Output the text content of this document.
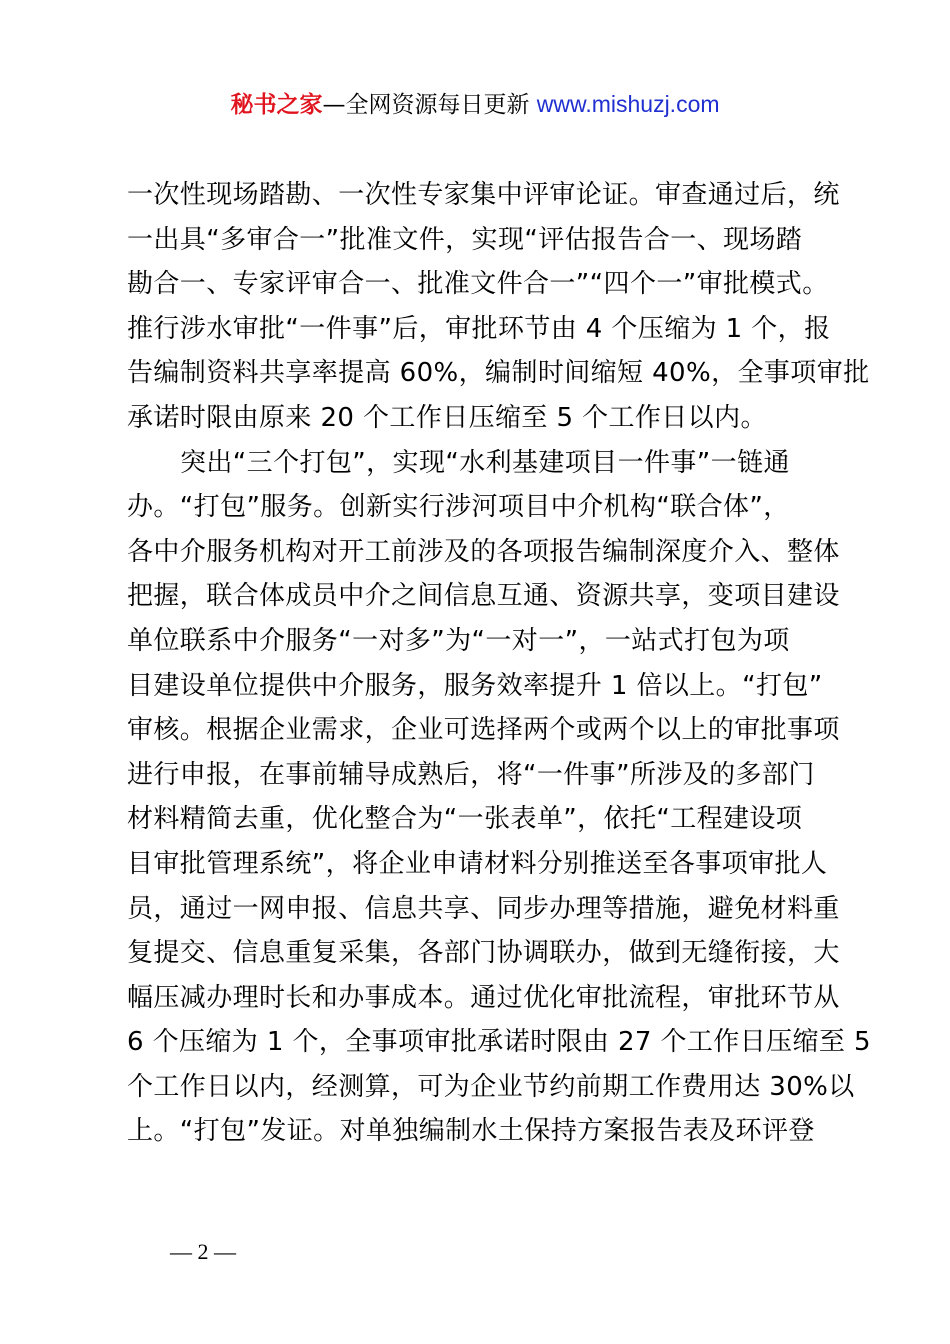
秘书之家—全网资源每日更新 www.mishuzj.com
一次性现场踏勘、一次性专家集中评审论证。审查通过后，统
一出具“多审合一”批准文件，实现“评估报告合一、现场踏
勘合一、专家评审合一、批准文件合一”“四个一”审批模式。
推行涉水审批“一件事”后，审批环节由 4 个压缩为 1 个，报
告编制资料共享率提高 60%，编制时间缩短 40%，全事项审批
承诺时限由原来 20 个工作日压缩至 5 个工作日以内。
突出“三个打包”，实现“水利基建项目一件事”一链通
办。“打包”服务。创新实行涉河项目中介机构“联合体”，
各中介服务机构对开工前涉及的各项报告编制深度介入、整体
把握，联合体成员中介之间信息互通、资源共享，变项目建设
单位联系中介服务“一对多”为“一对一”，一站式打包为项
目建设单位提供中介服务，服务效率提升 1 倍以上。“打包”
审核。根据企业需求，企业可选择两个或两个以上的审批事项
进行申报，在事前辅导成熟后，将“一件事”所涉及的多部门
材料精简去重，优化整合为“一张表单”，依托“工程建设项
目审批管理系统”，将企业申请材料分别推送至各事项审批人
员，通过一网申报、信息共享、同步办理等措施，避免材料重
复提交、信息重复采集，各部门协调联办，做到无缝衔接，大
幅压减办理时长和办事成本。通过优化审批流程，审批环节从
6 个压缩为 1 个，全事项审批承诺时限由 27 个工作日压缩至 5
个工作日以内，经测算，可为企业节约前期工作费用达 30%以
上。“打包”发证。对单独编制水土保持方案报告表及环评登
— 2 —
